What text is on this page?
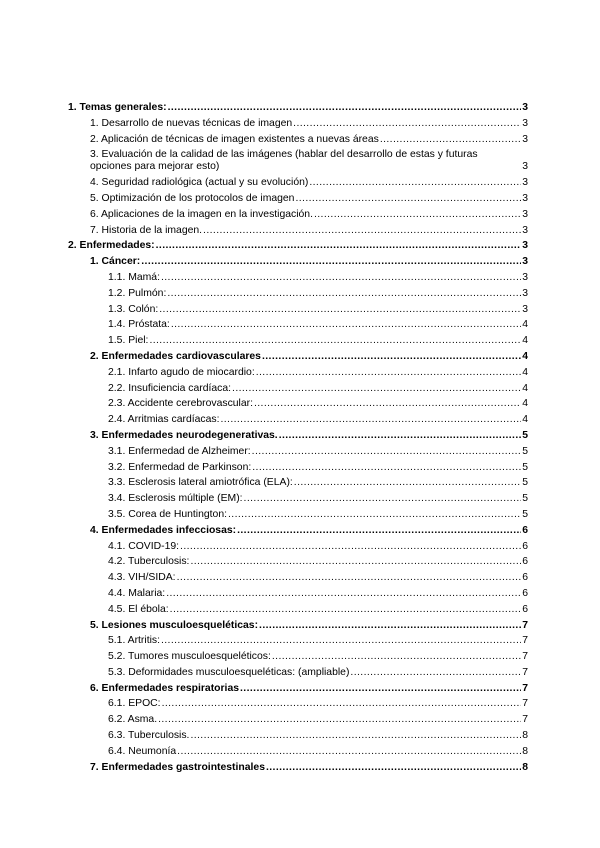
1. Temas generales: .....	3
1. Desarrollo de nuevas técnicas de imagen .....	3
2. Aplicación de técnicas de imagen existentes a nuevas áreas .....	3
3. Evaluación de la calidad de las imágenes (hablar del desarrollo de estas y futuras opciones para mejorar esto) .....	3
4. Seguridad radiológica (actual y su evolución) .....	3
5. Optimización de los protocolos de imagen .....	3
6. Aplicaciones de la imagen en la investigación. .....	3
7. Historia de la imagen. .....	3
2. Enfermedades: .....	3
1. Cáncer: .....	3
1.1. Mamá: .....	3
1.2. Pulmón: .....	3
1.3. Colón: .....	3
1.4. Próstata: .....	4
1.5. Piel: .....	4
2. Enfermedades cardiovasculares .....	4
2.1. Infarto agudo de miocardio: .....	4
2.2. Insuficiencia cardíaca: .....	4
2.3. Accidente cerebrovascular: .....	4
2.4. Arritmias cardíacas: .....	4
3. Enfermedades neurodegenerativas. .....	5
3.1. Enfermedad de Alzheimer: .....	5
3.2. Enfermedad de Parkinson: .....	5
3.3. Esclerosis lateral amiotrófica (ELA): .....	5
3.4. Esclerosis múltiple (EM): .....	5
3.5. Corea de Huntington: .....	5
4. Enfermedades infecciosas: .....	6
4.1. COVID-19: .....	6
4.2. Tuberculosis: .....	6
4.3. VIH/SIDA: .....	6
4.4. Malaria: .....	6
4.5. El ébola: .....	6
5. Lesiones musculoesqueléticas: .....	7
5.1. Artritis: .....	7
5.2. Tumores musculoesqueléticos: .....	7
5.3. Deformidades musculoesqueléticas: (ampliable) .....	7
6. Enfermedades respiratorias .....	7
6.1. EPOC: .....	7
6.2. Asma. .....	7
6.3. Tuberculosis. .....	8
6.4. Neumonía .....	8
7. Enfermedades gastrointestinales .....	8
